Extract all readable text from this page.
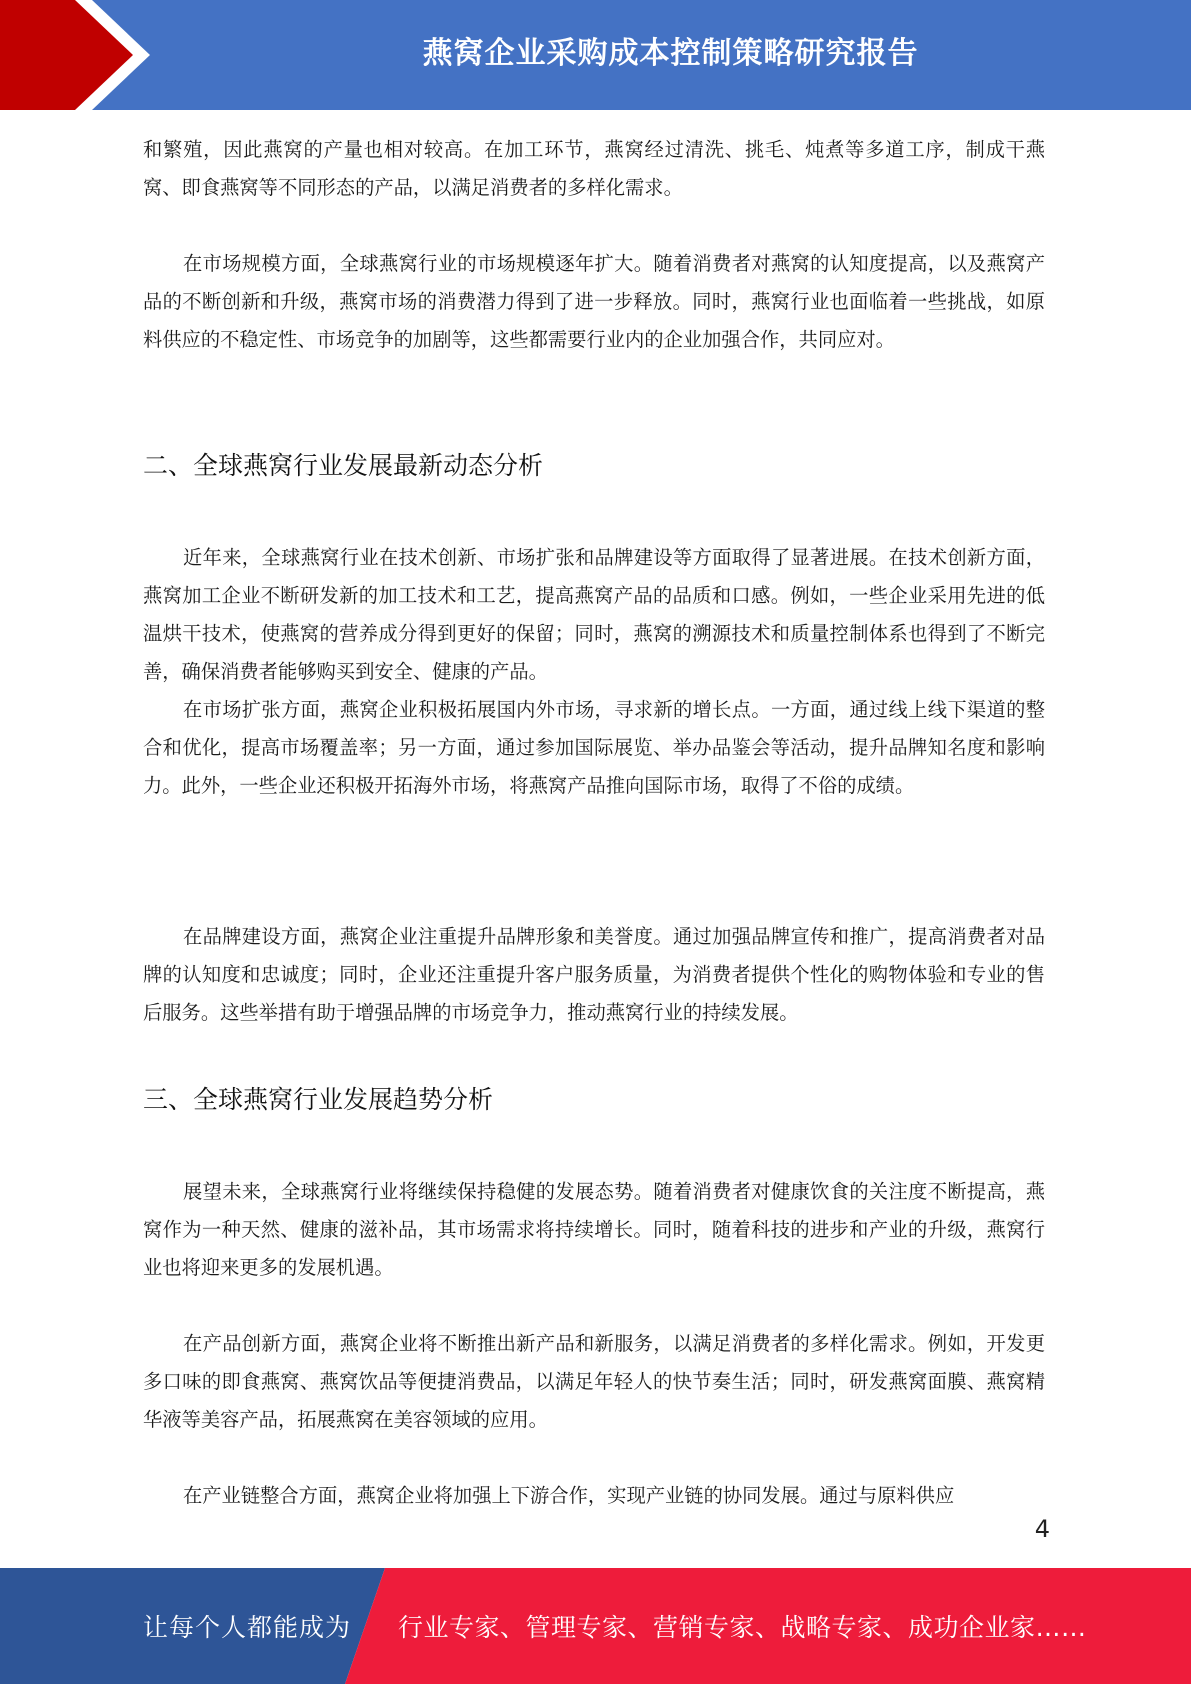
燕窝企业采购成本控制策略研究报告

和繁殖，因此燕窝的产量也相对较高。在加工环节，燕窝经过清洗、挑毛、炖煮等多道工序，制成干燕窝、即食燕窝等不同形态的产品，以满足消费者的多样化需求。

在市场规模方面，全球燕窝行业的市场规模逐年扩大。随着消费者对燕窝的认知度提高，以及燕窝产品的不断创新和升级，燕窝市场的消费潜力得到了进一步释放。同时，燕窝行业也面临着一些挑战，如原料供应的不稳定性、市场竞争的加剧等，这些都需要行业内的企业加强合作，共同应对。

二、全球燕窝行业发展最新动态分析

近年来，全球燕窝行业在技术创新、市场扩张和品牌建设等方面取得了显著进展。在技术创新方面，燕窝加工企业不断研发新的加工技术和工艺，提高燕窝产品的品质和口感。例如，一些企业采用先进的低温烘干技术，使燕窝的营养成分得到更好的保留；同时，燕窝的溯源技术和质量控制体系也得到了不断完善，确保消费者能够购买到安全、健康的产品。

在市场扩张方面，燕窝企业积极拓展国内外市场，寻求新的增长点。一方面，通过线上线下渠道的整合和优化，提高市场覆盖率；另一方面，通过参加国际展览、举办品鉴会等活动，提升品牌知名度和影响力。此外，一些企业还积极开拓海外市场，将燕窝产品推向国际市场，取得了不俗的成绩。

在品牌建设方面，燕窝企业注重提升品牌形象和美誉度。通过加强品牌宣传和推广，提高消费者对品牌的认知度和忠诚度；同时，企业还注重提升客户服务质量，为消费者提供个性化的购物体验和专业的售后服务。这些举措有助于增强品牌的市场竞争力，推动燕窝行业的持续发展。

三、全球燕窝行业发展趋势分析

展望未来，全球燕窝行业将继续保持稳健的发展态势。随着消费者对健康饮食的关注度不断提高，燕窝作为一种天然、健康的滋补品，其市场需求将持续增长。同时，随着科技的进步和产业的升级，燕窝行业也将迎来更多的发展机遇。

在产品创新方面，燕窝企业将不断推出新产品和新服务，以满足消费者的多样化需求。例如，开发更多口味的即食燕窝、燕窝饮品等便捷消费品，以满足年轻人的快节奏生活；同时，研发燕窝面膜、燕窝精华液等美容产品，拓展燕窝在美容领域的应用。

在产业链整合方面，燕窝企业将加强上下游合作，实现产业链的协同发展。通过与原料供应

4
让每个人都能成为 行业专家、管理专家、营销专家、战略专家、成功企业家……
